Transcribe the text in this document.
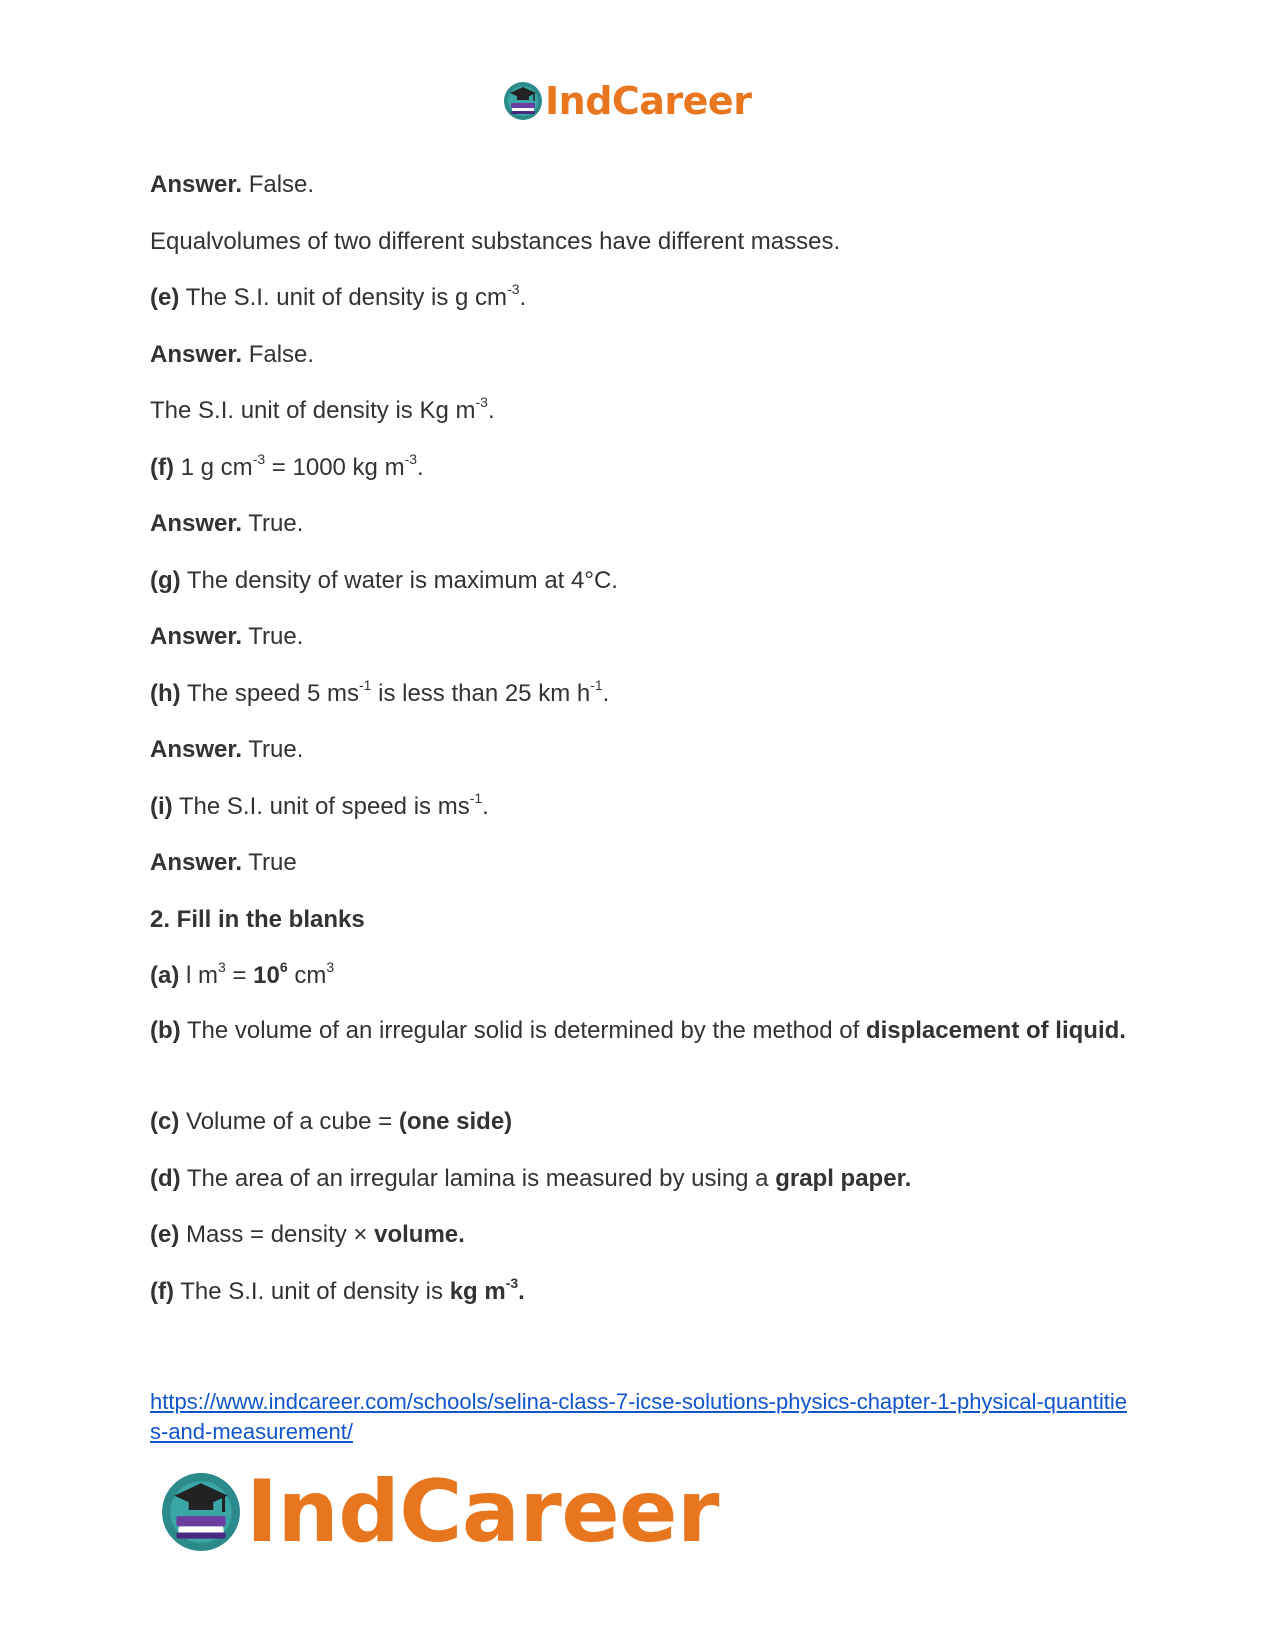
IndCareer
Answer. False.
Equalvolumes of two different substances have different masses.
(e) The S.I. unit of density is g $cm^{-3}$.
Answer. False.
The S.I. unit of density is Kg $m^{-3}$.
(f) 1 g $cm^{-3} = 1000$ kg $m^{-3}$.
Answer. True.
(g) The density of water is maximum at 4°C.
Answer. True.
(h) The speed 5 $ms^{-1}$ is less than 25 km $h^{-1}$.
Answer. True.
(i) The S.I. unit of speed is $ms^{-1}$.
Answer. True
2. Fill in the blanks
(a) l $m^3 = 10^6$ $cm^3$
(b) The volume of an irregular solid is determined by the method of displacement of liquid.
(c) Volume of a cube = (one side)
(d) The area of an irregular lamina is measured by using a grapl paper.
(e) Mass = density × volume.
(f) The S.I. unit of density is kg $m^{-3}$.
https://www.indcareer.com/schools/selina-class-7-icse-solutions-physics-chapter-1-physical-quantities-and-measurement/
IndCareer
